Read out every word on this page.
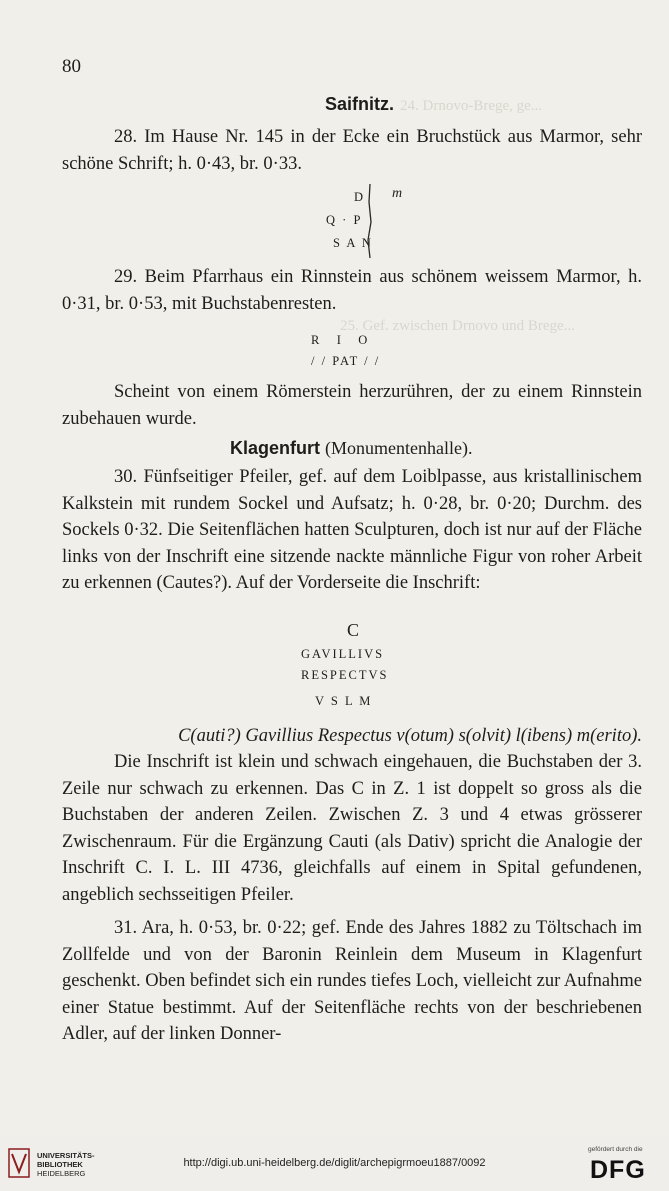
24. Drnovo-Brege, ge...
25. Gef. zwischen Drnovo und Brege...
80
Saifnitz.
28. Im Hause Nr. 145 in der Ecke ein Bruchstück aus Marmor, sehr schöne Schrift; h. 0·43, br. 0·33.
D m
Q · P
S A N
29. Beim Pfarrhaus ein Rinnstein aus schönem weissem Marmor, h. 0·31, br. 0·53, mit Buchstabenresten.
R   I   O
/ / PAT / /
Scheint von einem Römerstein herzurühren, der zu einem Rinnstein zubehauen wurde.
Klagenfurt (Monumentenhalle).
30. Fünfseitiger Pfeiler, gef. auf dem Loiblpasse, aus kristallinischem Kalkstein mit rundem Sockel und Aufsatz; h. 0·28, br. 0·20; Durchm. des Sockels 0·32. Die Seitenflächen hatten Sculpturen, doch ist nur auf der Fläche links von der Inschrift eine sitzende nackte männliche Figur von roher Arbeit zu erkennen (Cautes?). Auf der Vorderseite die Inschrift:
C
GAVILLIVS
RESPECTVS
V S L M
C(auti?) Gavillius Respectus v(otum) s(olvit) l(ibens) m(erito).
Die Inschrift ist klein und schwach eingehauen, die Buchstaben der 3. Zeile nur schwach zu erkennen. Das C in Z. 1 ist doppelt so gross als die Buchstaben der anderen Zeilen. Zwischen Z. 3 und 4 etwas grösserer Zwischenraum. Für die Ergänzung Cauti (als Dativ) spricht die Analogie der Inschrift C. I. L. III 4736, gleichfalls auf einem in Spital gefundenen, angeblich sechsseitigen Pfeiler.
31. Ara, h. 0·53, br. 0·22; gef. Ende des Jahres 1882 zu Töltschach im Zollfelde und von der Baronin Reinlein dem Museum in Klagenfurt geschenkt. Oben befindet sich ein rundes tiefes Loch, vielleicht zur Aufnahme einer Statue bestimmt. Auf der Seitenfläche rechts von der beschriebenen Adler, auf der linken Donner-
UNIVERSITÄTS-
BIBLIOTHEK
HEIDELBERG
http://digi.ub.uni-heidelberg.de/diglit/archepigrmoeu1887/0092
gefördert durch die
DFG
